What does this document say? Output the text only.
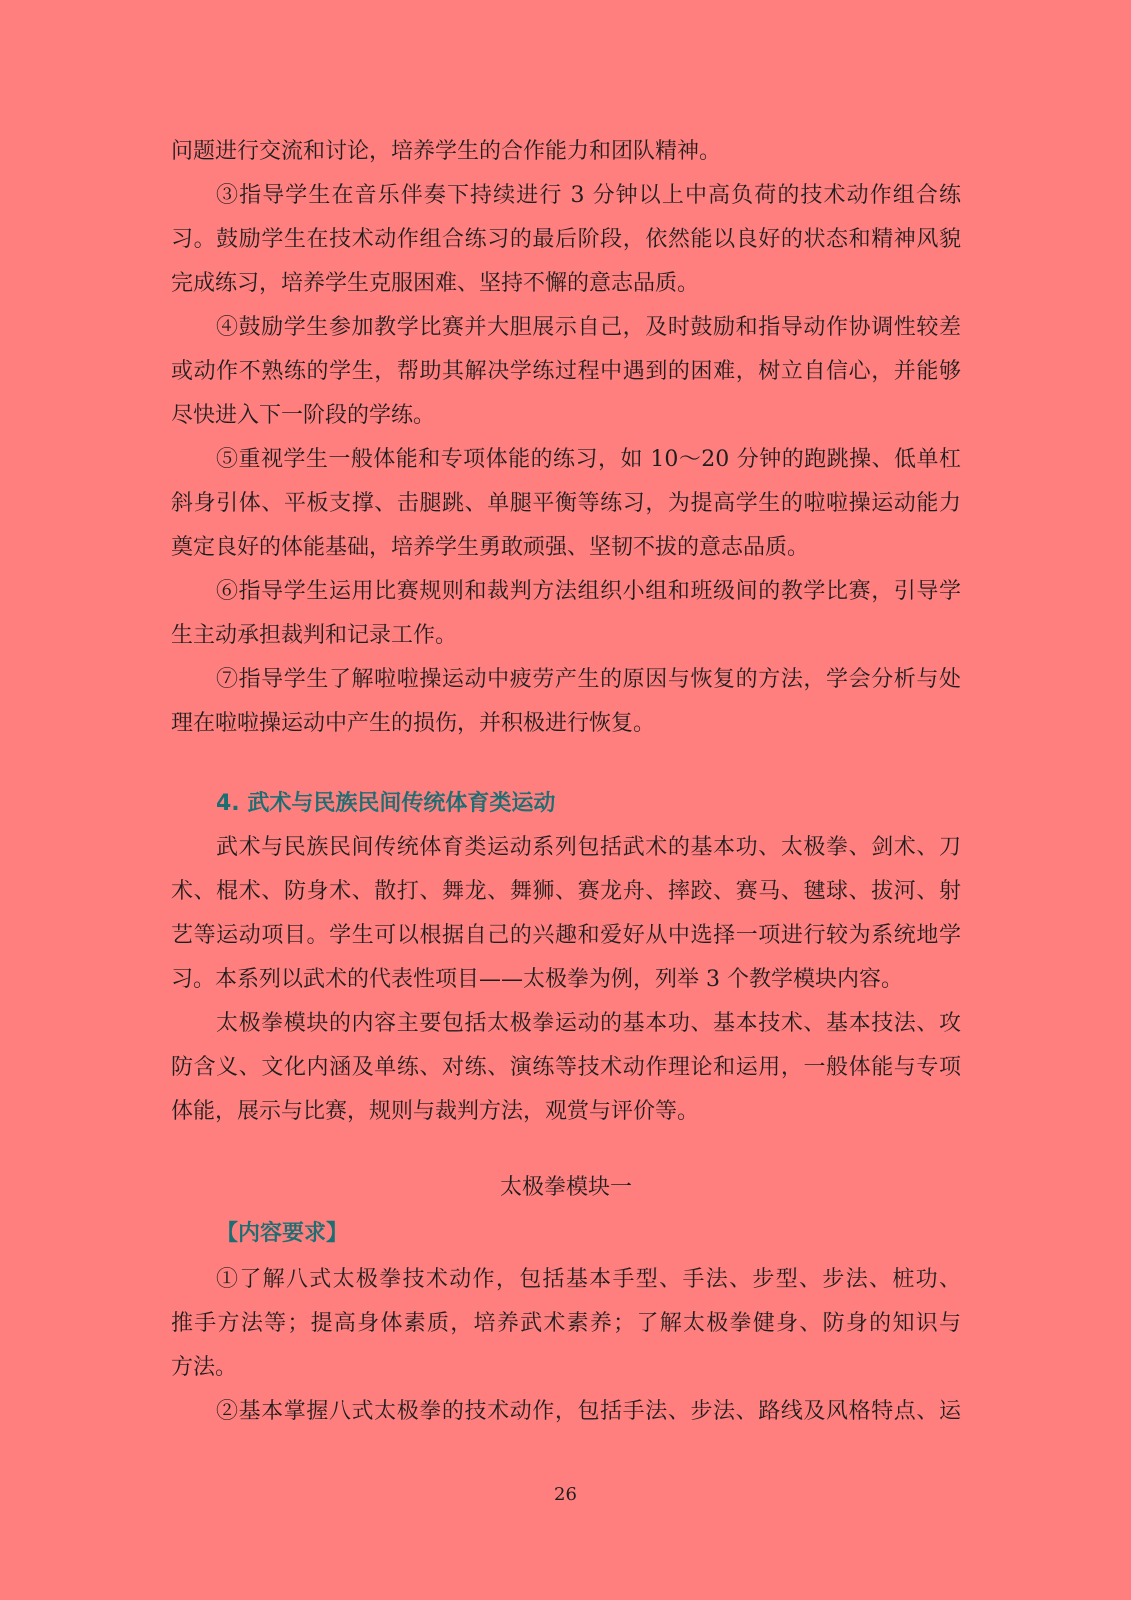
问题进行交流和讨论，培养学生的合作能力和团队精神。
③指导学生在音乐伴奏下持续进行 3 分钟以上中高负荷的技术动作组合练
习。鼓励学生在技术动作组合练习的最后阶段，依然能以良好的状态和精神风貌
完成练习，培养学生克服困难、坚持不懈的意志品质。
④鼓励学生参加教学比赛并大胆展示自己，及时鼓励和指导动作协调性较差
或动作不熟练的学生，帮助其解决学练过程中遇到的困难，树立自信心，并能够
尽快进入下一阶段的学练。
⑤重视学生一般体能和专项体能的练习，如 10～20 分钟的跑跳操、低单杠
斜身引体、平板支撑、击腿跳、单腿平衡等练习，为提高学生的啦啦操运动能力
奠定良好的体能基础，培养学生勇敢顽强、坚韧不拔的意志品质。
⑥指导学生运用比赛规则和裁判方法组织小组和班级间的教学比赛，引导学
生主动承担裁判和记录工作。
⑦指导学生了解啦啦操运动中疲劳产生的原因与恢复的方法，学会分析与处
理在啦啦操运动中产生的损伤，并积极进行恢复。
4. 武术与民族民间传统体育类运动
武术与民族民间传统体育类运动系列包括武术的基本功、太极拳、剑术、刀
术、棍术、防身术、散打、舞龙、舞狮、赛龙舟、摔跤、赛马、毽球、拔河、射
艺等运动项目。学生可以根据自己的兴趣和爱好从中选择一项进行较为系统地学
习。本系列以武术的代表性项目——太极拳为例，列举 3 个教学模块内容。
太极拳模块的内容主要包括太极拳运动的基本功、基本技术、基本技法、攻
防含义、文化内涵及单练、对练、演练等技术动作理论和运用，一般体能与专项
体能，展示与比赛，规则与裁判方法，观赏与评价等。
太极拳模块一
【内容要求】
①了解八式太极拳技术动作，包括基本手型、手法、步型、步法、桩功、
推手方法等；提高身体素质，培养武术素养；了解太极拳健身、防身的知识与
方法。
②基本掌握八式太极拳的技术动作，包括手法、步法、路线及风格特点、运
26
